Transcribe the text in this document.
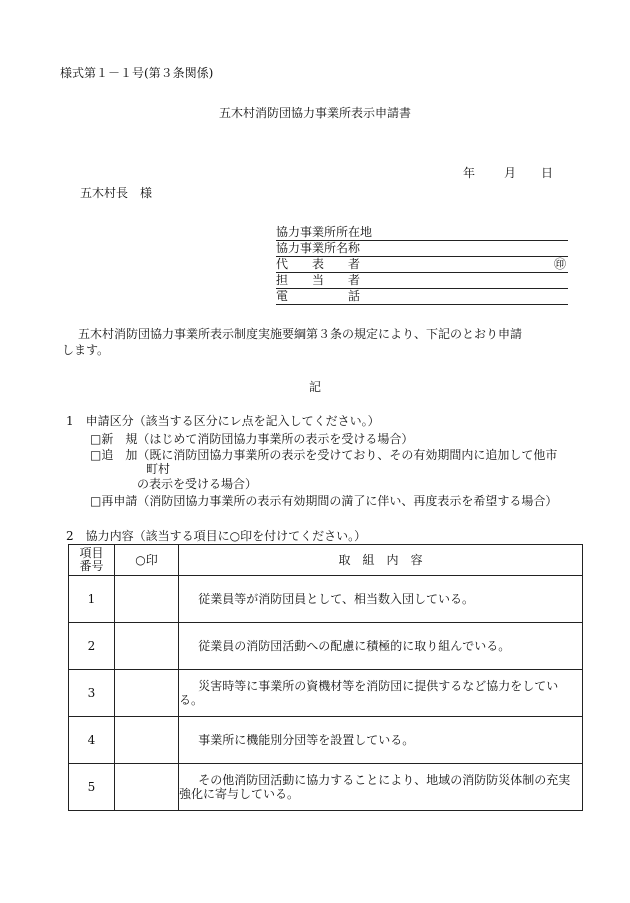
様式第１－１号(第３条関係)
五木村消防団協力事業所表示申請書
年 月 日
五木村長　様
協力事業所所在地
協力事業所名称
代　　表　　者	㊞
担　　当　　者
電　　　　　話
五木村消防団協力事業所表示制度実施要綱第３条の規定により、下記のとおり申請
します。
記
1　申請区分（該当する区分にレ点を記入してください。）
□新　規（はじめて消防団協力事業所の表示を受ける場合）
□追　加（既に消防団協力事業所の表示を受けており、その有効期間内に追加して他市
町村
の表示を受ける場合）
□再申請（消防団協力事業所の表示有効期間の満了に伴い、再度表示を希望する場合）
2　協力内容（該当する項目に○印を付けてください。）
項目
番号	○印	取　組　内　容
1		従業員等が消防団員として、相当数入団している。
2		従業員の消防団活動への配慮に積極的に取り組んでいる。
3		災害時等に事業所の資機材等を消防団に提供するなど協力をしている。
4		事業所に機能別分団等を設置している。
5		その他消防団活動に協力することにより、地域の消防防災体制の充実強化に寄与している。
